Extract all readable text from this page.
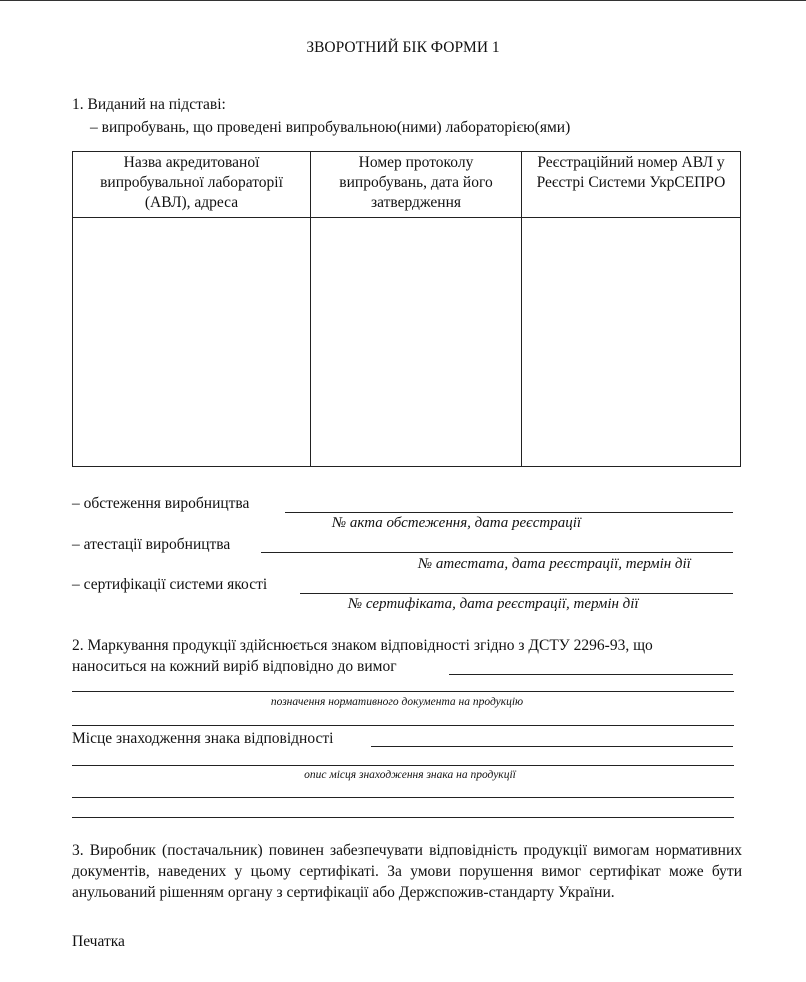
ЗВОРОТНИЙ БІК ФОРМИ 1
1. Виданий на підставі:
– випробувань, що проведені випробувальною(ними) лабораторією(ями)
Назва акредитованої випробувальної лабораторії (АВЛ), адреса	Номер протоколу випробувань, дата його затвердження	Реєстраційний номер АВЛ у Реєстрі Системи УкрСЕПРО

– обстеження виробництва
№ акта обстеження, дата реєстрації
– атестації виробництва
№ атестата, дата реєстрації, термін дії
– сертифікації системи якості
№ сертифіката, дата реєстрації, термін дії
2. Маркування продукції здійснюється знаком відповідності згідно з ДСТУ 2296-93, що
наноситься на кожний виріб відповідно до вимог
позначення нормативного документа на продукцію
Місце знаходження знака відповідності
опис місця знаходження знака на продукції
3. Виробник (постачальник) повинен забезпечувати відповідність продукції вимогам нормативних документів, наведених у цьому сертифікаті. За умови порушення вимог сертифікат може бути анульований рішенням органу з сертифікації або Держспожив-стандарту України.
Печатка
